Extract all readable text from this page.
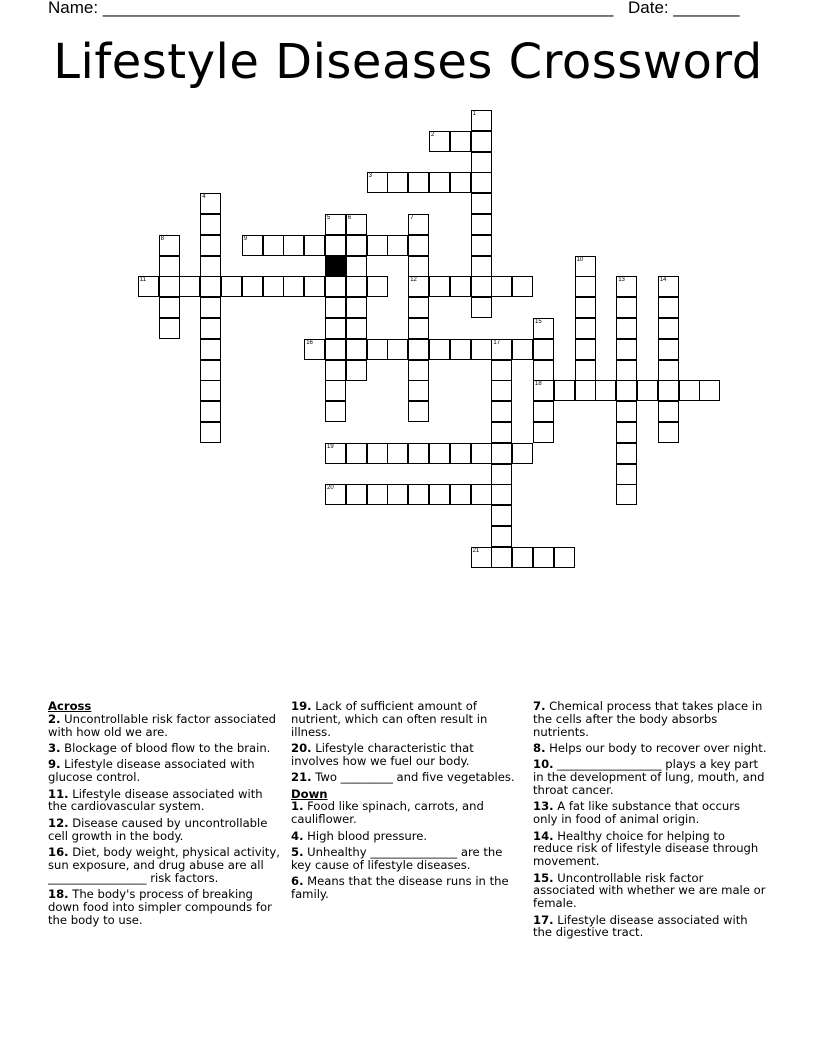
Name: ______________________________________________________ Date: _______
Lifestyle Diseases Crossword
1
2
3
4
5	6	7
12
8	9
10
11	13	14
15
18
16	17
19
20
21
Across
2. Uncontrollable risk factor associated with how old we are.
3. Blockage of blood flow to the brain.
9. Lifestyle disease associated with glucose control.
11. Lifestyle disease associated with the cardiovascular system.
12. Disease caused by uncontrollable cell growth in the body.
16. Diet, body weight, physical activity, sun exposure, and drug abuse are all _________________ risk factors.
18. The body's process of breaking down food into simpler compounds for the body to use.
19. Lack of sufficient amount of nutrient, which can often result in illness.
20. Lifestyle characteristic that involves how we fuel our body.
21. Two _________ and five vegetables.
Down
1. Food like spinach, carrots, and cauliflower.
4. High blood pressure.
5. Unhealthy _______________ are the key cause of lifestyle diseases.
6. Means that the disease runs in the family.
7. Chemical process that takes place in the cells after the body absorbs nutrients.
8. Helps our body to recover over night.
10. __________________ plays a key part in the development of lung, mouth, and throat cancer.
13. A fat like substance that occurs only in food of animal origin.
14. Healthy choice for helping to reduce risk of lifestyle disease through movement.
15. Uncontrollable risk factor associated with whether we are male or female.
17. Lifestyle disease associated with the digestive tract.
